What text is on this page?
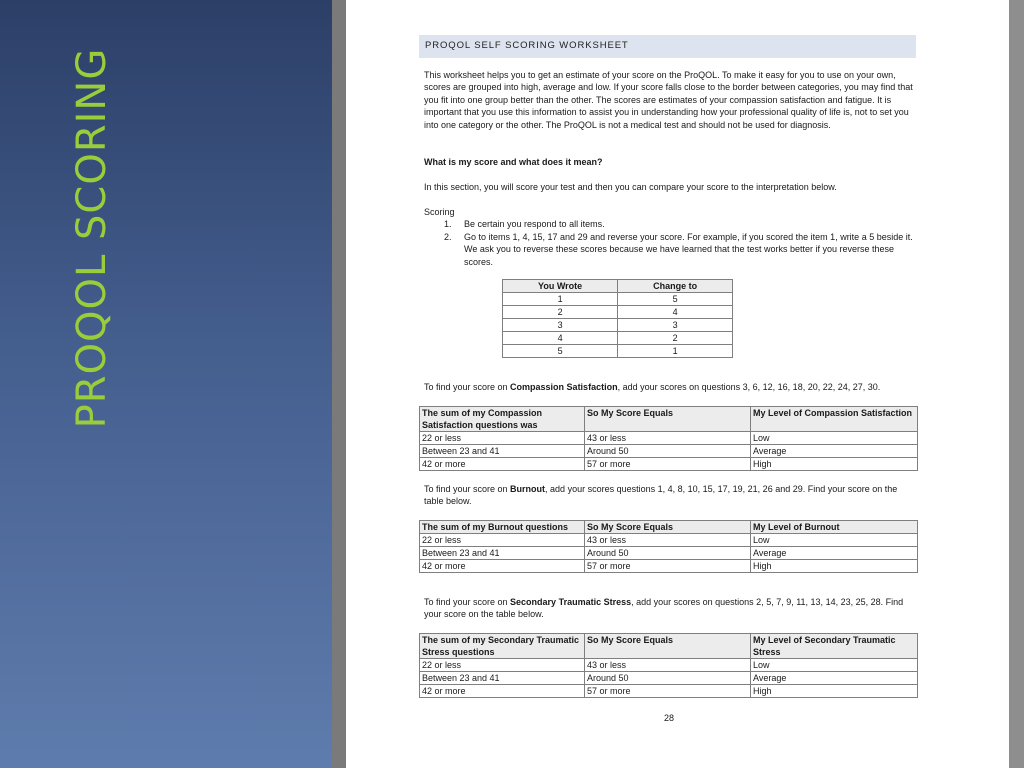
PROQOL SCORING
PROQOL SELF SCORING WORKSHEET

This worksheet helps you to get an estimate of your score on the ProQOL. To make it easy for you to use on your own, scores are grouped into high, average and low. If your score falls close to the border between categories, you may find that you fit into one group better than the other. The scores are estimates of your compassion satisfaction and fatigue. It is important that you use this information to assist you in understanding how your professional quality of life is, not to set you into one category or the other. The ProQOL is not a medical test and should not be used for diagnosis.

What is my score and what does it mean?

In this section, you will score your test and then you can compare your score to the interpretation below.

Scoring
1. Be certain you respond to all items.
2. Go to items 1, 4, 15, 17 and 29 and reverse your score. For example, if you scored the item 1, write a 5 beside it. We ask you to reverse these scores because we have learned that the test works better if you reverse these scores.
You Wrote	Change to
1	5
2	4
3	3
4	2
5	1

To find your score on Compassion Satisfaction, add your scores on questions 3, 6, 12, 16, 18, 20, 22, 24, 27, 30.

The sum of my Compassion Satisfaction questions was	So My Score Equals	My Level of Compassion Satisfaction
22 or less	43 or less	Low
Between 23 and 41	Around 50	Average
42 or more	57 or more	High

To find your score on Burnout, add your scores questions 1, 4, 8, 10, 15, 17, 19, 21, 26 and 29. Find your score on the table below.

The sum of my Burnout questions	So My Score Equals	My Level of Burnout
22 or less	43 or less	Low
Between 23 and 41	Around 50	Average
42 or more	57 or more	High

To find your score on Secondary Traumatic Stress, add your scores on questions 2, 5, 7, 9, 11, 13, 14, 23, 25, 28. Find your score on the table below.

The sum of my Secondary Traumatic Stress questions	So My Score Equals	My Level of Secondary Traumatic Stress
22 or less	43 or less	Low
Between 23 and 41	Around 50	Average
42 or more	57 or more	High
28
